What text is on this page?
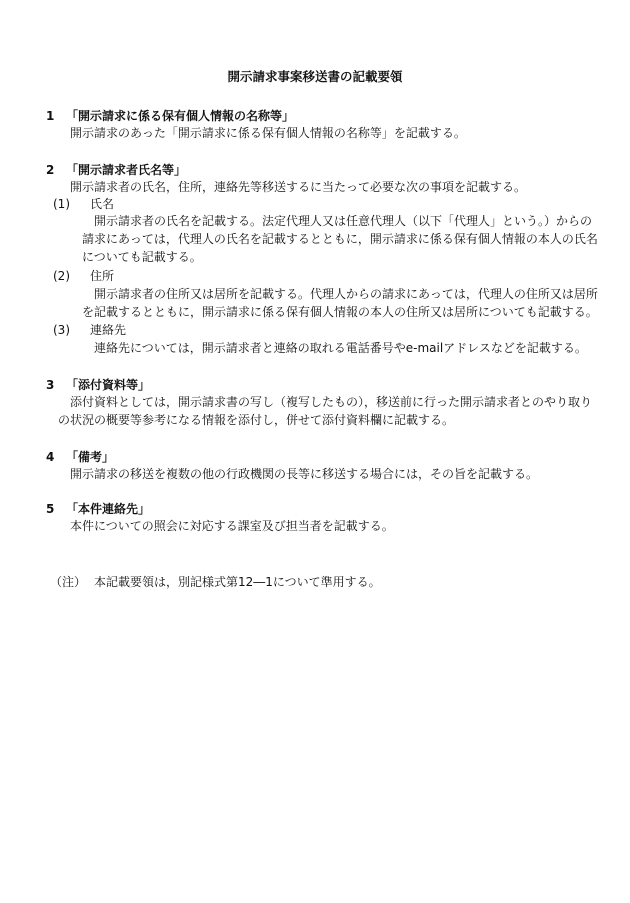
開示請求事案移送書の記載要領
1 「開示請求に係る保有個人情報の名称等」
開示請求のあった「開示請求に係る保有個人情報の名称等」を記載する。
2 「開示請求者氏名等」
開示請求者の氏名，住所，連絡先等移送するに当たって必要な次の事項を記載する。
(1) 氏名
開示請求者の氏名を記載する。法定代理人又は任意代理人（以下「代理人」という。）からの
請求にあっては，代理人の氏名を記載するとともに，開示請求に係る保有個人情報の本人の氏名
についても記載する。
(2) 住所
開示請求者の住所又は居所を記載する。代理人からの請求にあっては，代理人の住所又は居所
を記載するとともに，開示請求に係る保有個人情報の本人の住所又は居所についても記載する。
(3) 連絡先
連絡先については，開示請求者と連絡の取れる電話番号やe-mailアドレスなどを記載する。
3 「添付資料等」
添付資料としては，開示請求書の写し（複写したもの），移送前に行った開示請求者とのやり取り
の状況の概要等参考になる情報を添付し，併せて添付資料欄に記載する。
4 「備考」
開示請求の移送を複数の他の行政機関の長等に移送する場合には，その旨を記載する。
5 「本件連絡先」
本件についての照会に対応する課室及び担当者を記載する。
（注） 本記載要領は，別記様式第12―1について準用する。
